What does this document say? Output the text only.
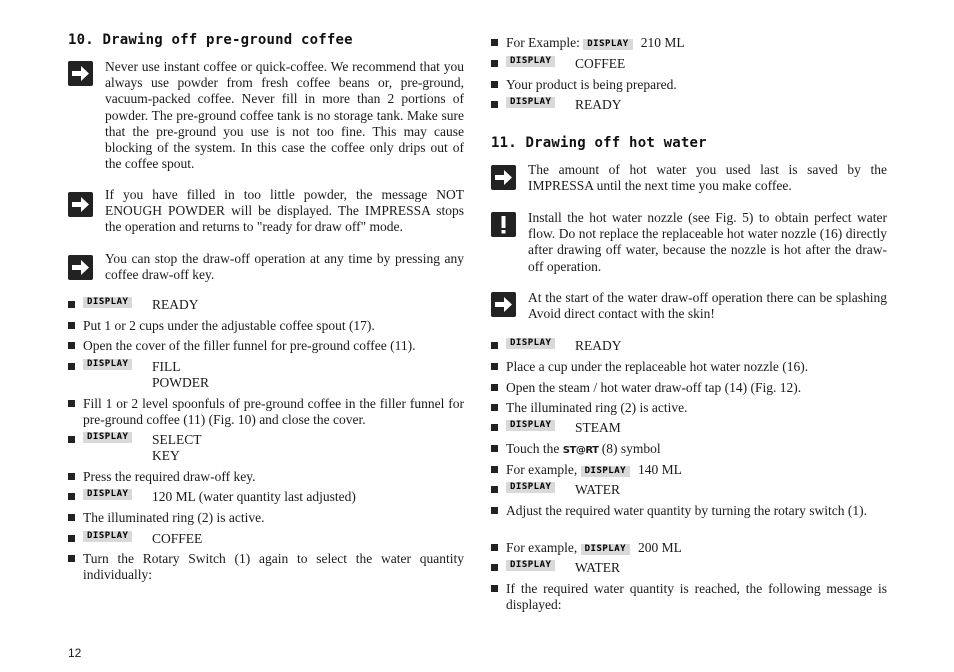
10. Drawing off pre-ground coffee
Never use instant coffee or quick-coffee. We recommend that you always use powder from fresh coffee beans or, pre-ground, vacuum-packed coffee. Never fill in more than 2 portions of powder. The pre-ground coffee tank is no storage tank. Make sure that the pre-ground you use is not too fine. This may cause blocking of the system. In this case the coffee only drips out of the coffee spout.
If you have filled in too little powder, the message NOT ENOUGH POWDER will be displayed. The IMPRESSA stops the operation and returns to "ready for draw off" mode.
You can stop the draw-off operation at any time by pressing any coffee draw-off key.
DISPLAY READY
Put 1 or 2 cups under the adjustable coffee spout (17).
Open the cover of the filler funnel for pre-ground coffee (11).
DISPLAY FILL
POWDER
Fill 1 or 2 level spoonfuls of pre-ground coffee in the filler funnel for pre-ground coffee (11) (Fig. 10) and close the cover.
DISPLAY SELECT
KEY
Press the required draw-off key.
DISPLAY 120 ML (water quantity last adjusted)
The illuminated ring (2) is active.
DISPLAY COFFEE
Turn the Rotary Switch (1) again to select the water quantity individually:
For Example: DISPLAY 210 ML
DISPLAY COFFEE
Your product is being prepared.
DISPLAY READY
11. Drawing off hot water
The amount of hot water you used last is saved by the IMPRESSA until the next time you make coffee.
Install the hot water nozzle (see Fig. 5) to obtain perfect water flow. Do not replace the replaceable hot water nozzle (16) directly after drawing off water, because the nozzle is hot after the draw-off operation.
At the start of the water draw-off operation there can be splashing Avoid direct contact with the skin!
DISPLAY READY
Place a cup under the replaceable hot water nozzle (16).
Open the steam / hot water draw-off tap (14) (Fig. 12).
The illuminated ring (2) is active.
DISPLAY STEAM
Touch the ST@RT (8) symbol
For example, DISPLAY 140 ML
DISPLAY WATER
Adjust the required water quantity by turning the rotary switch (1).
For example, DISPLAY 200 ML
DISPLAY WATER
If the required water quantity is reached, the following message is displayed:
12
